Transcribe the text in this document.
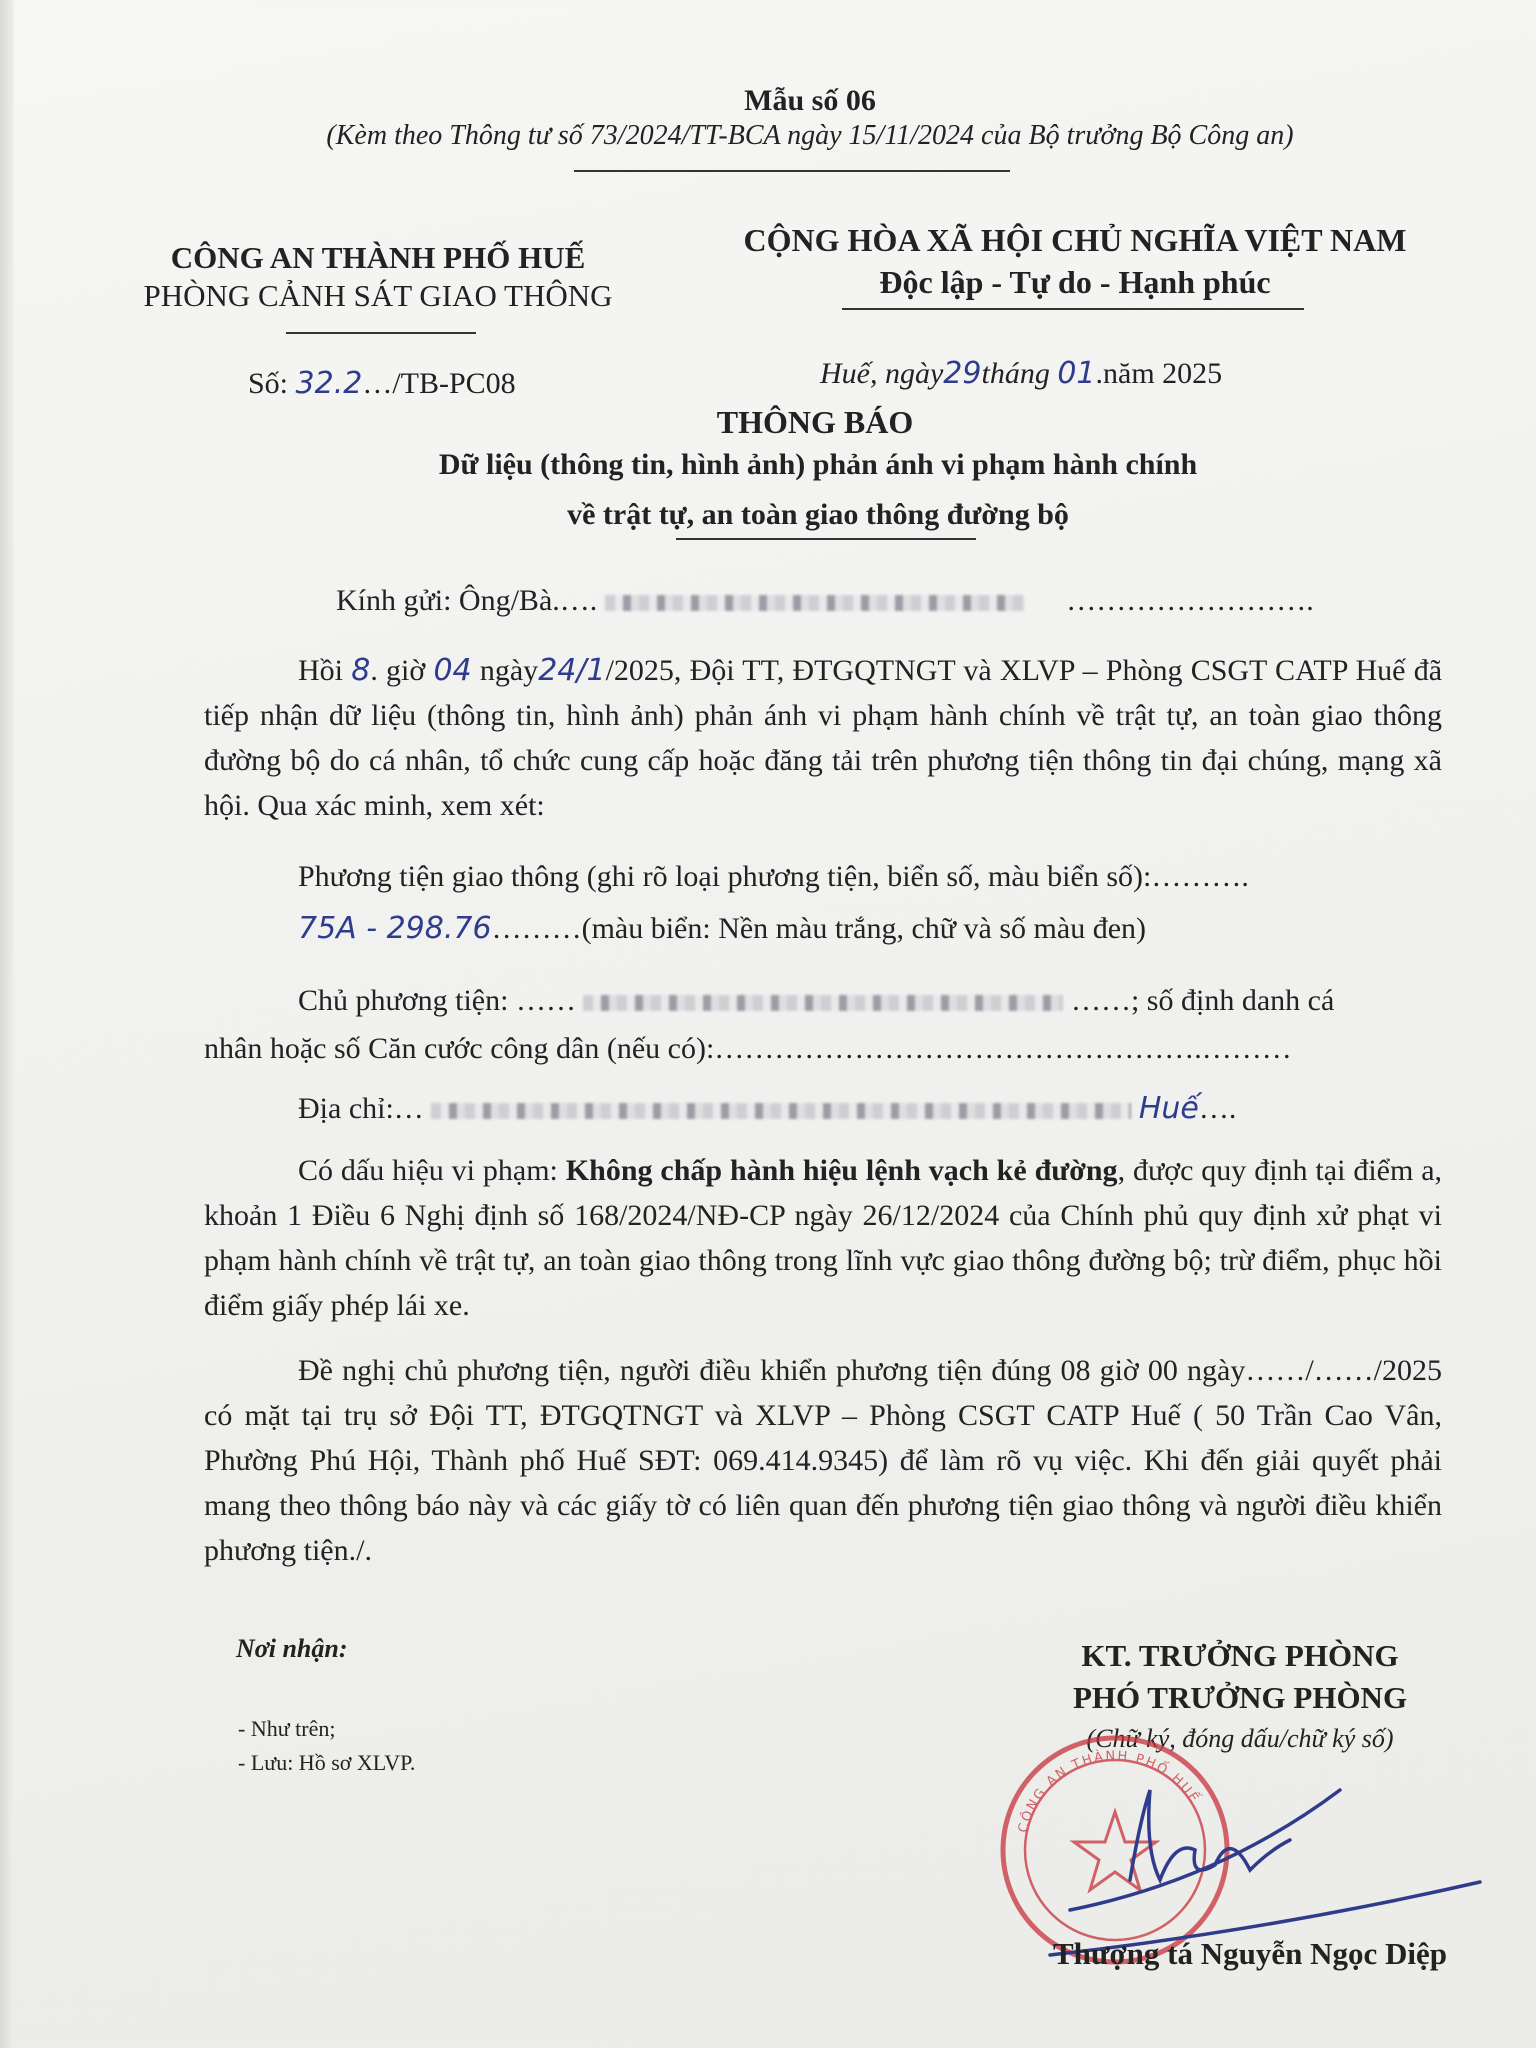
Mẫu số 06
(Kèm theo Thông tư số 73/2024/TT-BCA ngày 15/11/2024 của Bộ trưởng Bộ Công an)
CÔNG AN THÀNH PHỐ HUẾ
PHÒNG CẢNH SÁT GIAO THÔNG
CỘNG HÒA XÃ HỘI CHỦ NGHĨA VIỆT NAM
Độc lập - Tự do - Hạnh phúc
Số: 32.2…/TB-PC08	Huế, ngày29tháng 01.năm 2025
THÔNG BÁO
Dữ liệu (thông tin, hình ảnh) phản ánh vi phạm hành chính
về trật tự, an toàn giao thông đường bộ
Kính gửi: Ông/Bà.….	…………………….
Hồi 8. giờ 04 ngày24/1/2025, Đội TT, ĐTGQTNGT và XLVP – Phòng CSGT CATP Huế đã tiếp nhận dữ liệu (thông tin, hình ảnh) phản ánh vi phạm hành chính về trật tự, an toàn giao thông đường bộ do cá nhân, tổ chức cung cấp hoặc đăng tải trên phương tiện thông tin đại chúng, mạng xã hội. Qua xác minh, xem xét:
Phương tiện giao thông (ghi rõ loại phương tiện, biển số, màu biển số):……….
75A - 298.76………(màu biển: Nền màu trắng, chữ và số màu đen)
Chủ phương tiện: ……	……; số định danh cá
nhân hoặc số Căn cước công dân (nếu có):………………………………………….………
Địa chỉ:…	Huế….
Có dấu hiệu vi phạm: Không chấp hành hiệu lệnh vạch kẻ đường, được quy định tại điểm a, khoản 1 Điều 6 Nghị định số 168/2024/NĐ-CP ngày 26/12/2024 của Chính phủ quy định xử phạt vi phạm hành chính về trật tự, an toàn giao thông trong lĩnh vực giao thông đường bộ; trừ điểm, phục hồi điểm giấy phép lái xe.
Đề nghị chủ phương tiện, người điều khiển phương tiện đúng 08 giờ 00 ngày……/……/2025 có mặt tại trụ sở Đội TT, ĐTGQTNGT và XLVP – Phòng CSGT CATP Huế ( 50 Trần Cao Vân, Phường Phú Hội, Thành phố Huế SĐT: 069.414.9345) để làm rõ vụ việc. Khi đến giải quyết phải mang theo thông báo này và các giấy tờ có liên quan đến phương tiện giao thông và người điều khiển phương tiện./.
Nơi nhận:
- Như trên;
- Lưu: Hồ sơ XLVP.
KT. TRƯỞNG PHÒNG
PHÓ TRƯỞNG PHÒNG
(Chữ ký, đóng dấu/chữ ký số)
CÔNG AN THÀNH PHỐ HUẾ
Thượng tá Nguyễn Ngọc Diệp
